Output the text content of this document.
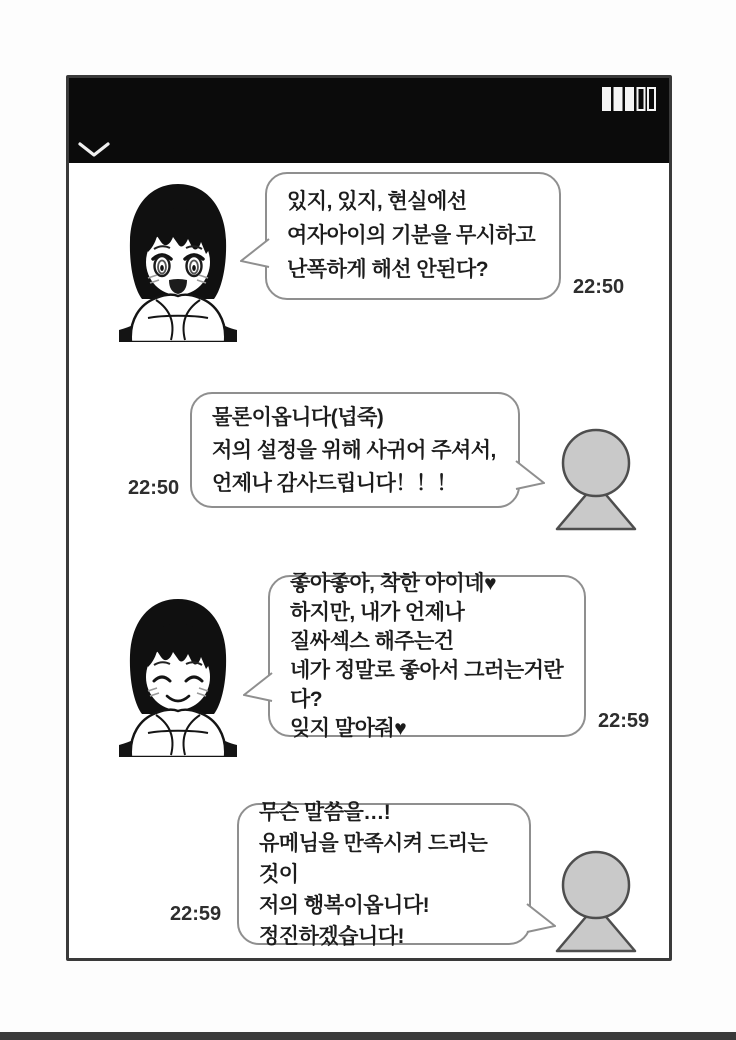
있지, 있지, 현실에선
여자아이의 기분을 무시하고
난폭하게 해선 안된다?
22:50
물론이옵니다(넙죽)
저의 설정을 위해 사귀어 주셔서,
언제나 감사드립니다！！！
22:50
좋아좋아, 착한 아이네♥
하지만, 내가 언제나
질싸섹스 해주는건
네가 정말로 좋아서 그러는거란다?
잊지 말아줘♥	22:59
무슨 말씀을…!
유메님을 만족시켜 드리는 것이
저의 행복이옵니다!
정진하겠습니다!
22:59
